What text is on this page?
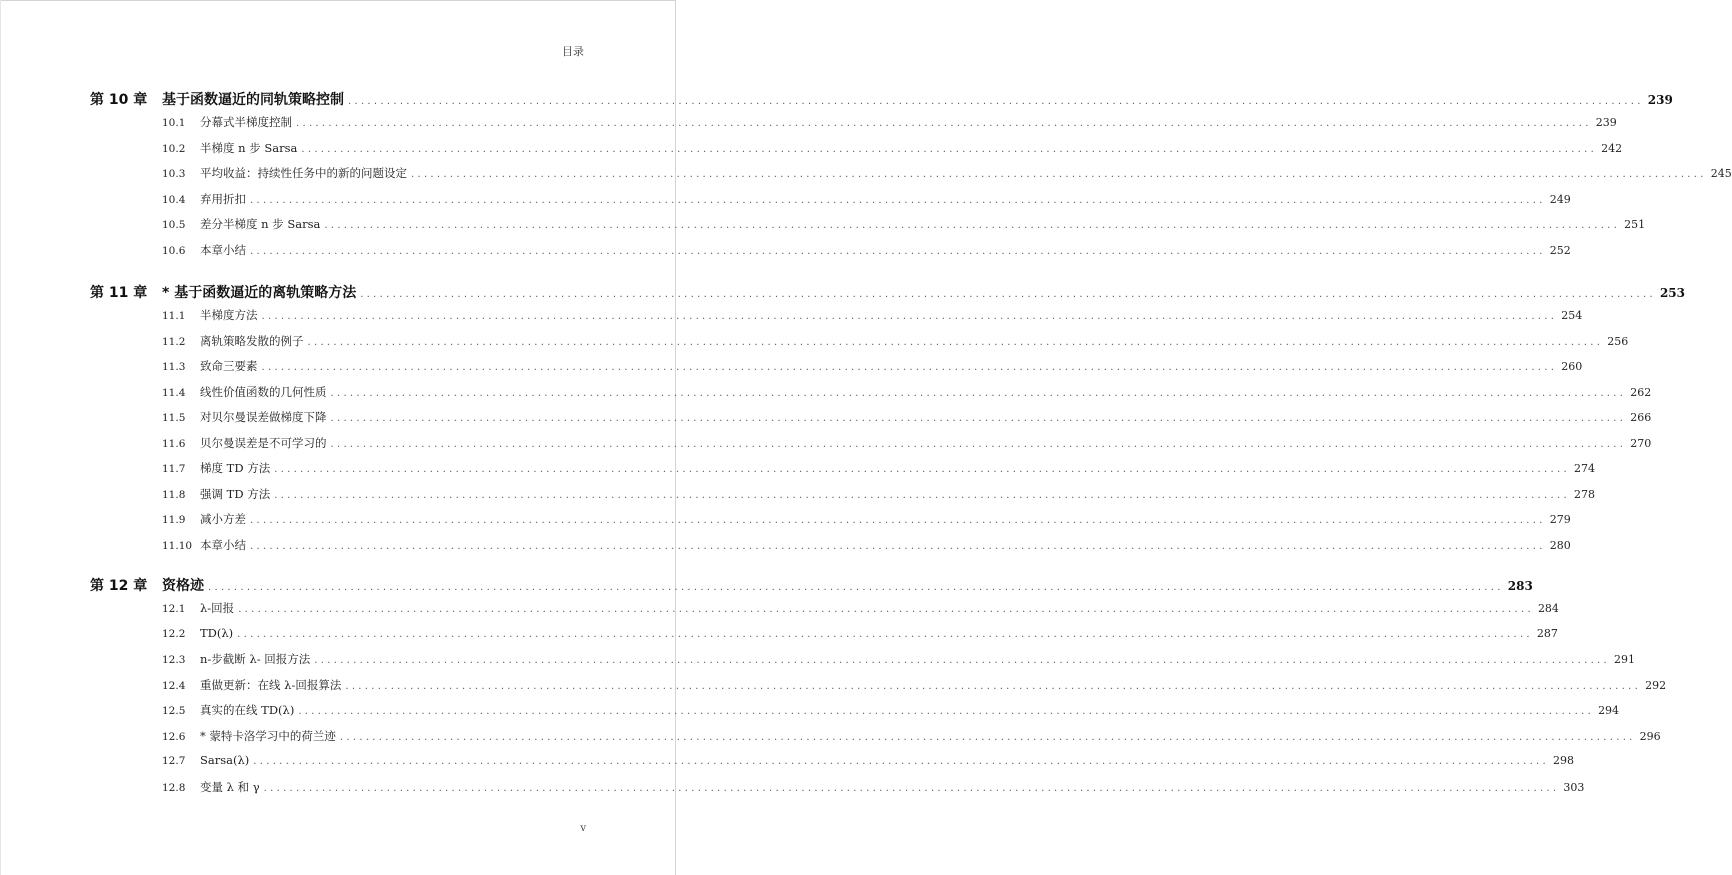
目录
第 10 章	基于函数逼近的同轨策略控制 ........................................................................................................................................................................................................ 239
10.1	分幕式半梯度控制 ........................................................................................................................................................................................................ 239
10.2	半梯度 n 步 Sarsa ........................................................................................................................................................................................................ 242
10.3	平均收益：持续性任务中的新的问题设定 ........................................................................................................................................................................................................ 245
10.4	弃用折扣 ........................................................................................................................................................................................................ 249
10.5	差分半梯度 n 步 Sarsa ........................................................................................................................................................................................................ 251
10.6	本章小结 ........................................................................................................................................................................................................ 252
第 11 章	* 基于函数逼近的离轨策略方法 ........................................................................................................................................................................................................ 253
11.1	半梯度方法 ........................................................................................................................................................................................................ 254
11.2	离轨策略发散的例子 ........................................................................................................................................................................................................ 256
11.3	致命三要素 ........................................................................................................................................................................................................ 260
11.4	线性价值函数的几何性质 ........................................................................................................................................................................................................ 262
11.5	对贝尔曼误差做梯度下降 ........................................................................................................................................................................................................ 266
11.6	贝尔曼误差是不可学习的 ........................................................................................................................................................................................................ 270
11.7	梯度 TD 方法 ........................................................................................................................................................................................................ 274
11.8	强调 TD 方法 ........................................................................................................................................................................................................ 278
11.9	减小方差 ........................................................................................................................................................................................................ 279
11.10 本章小结 ........................................................................................................................................................................................................ 280
第 12 章	资格迹 ........................................................................................................................................................................................................ 283
12.1	λ-回报 ........................................................................................................................................................................................................ 284
12.2	TD(λ) ........................................................................................................................................................................................................ 287
12.3	n-步截断 λ- 回报方法 ........................................................................................................................................................................................................ 291
12.4	重做更新：在线 λ-回报算法 ........................................................................................................................................................................................................ 292
12.5	真实的在线 TD(λ) ........................................................................................................................................................................................................ 294
12.6	* 蒙特卡洛学习中的荷兰迹 ........................................................................................................................................................................................................ 296
12.7	Sarsa(λ) ........................................................................................................................................................................................................ 298
12.8	变量 λ 和 γ ........................................................................................................................................................................................................ 303
v
